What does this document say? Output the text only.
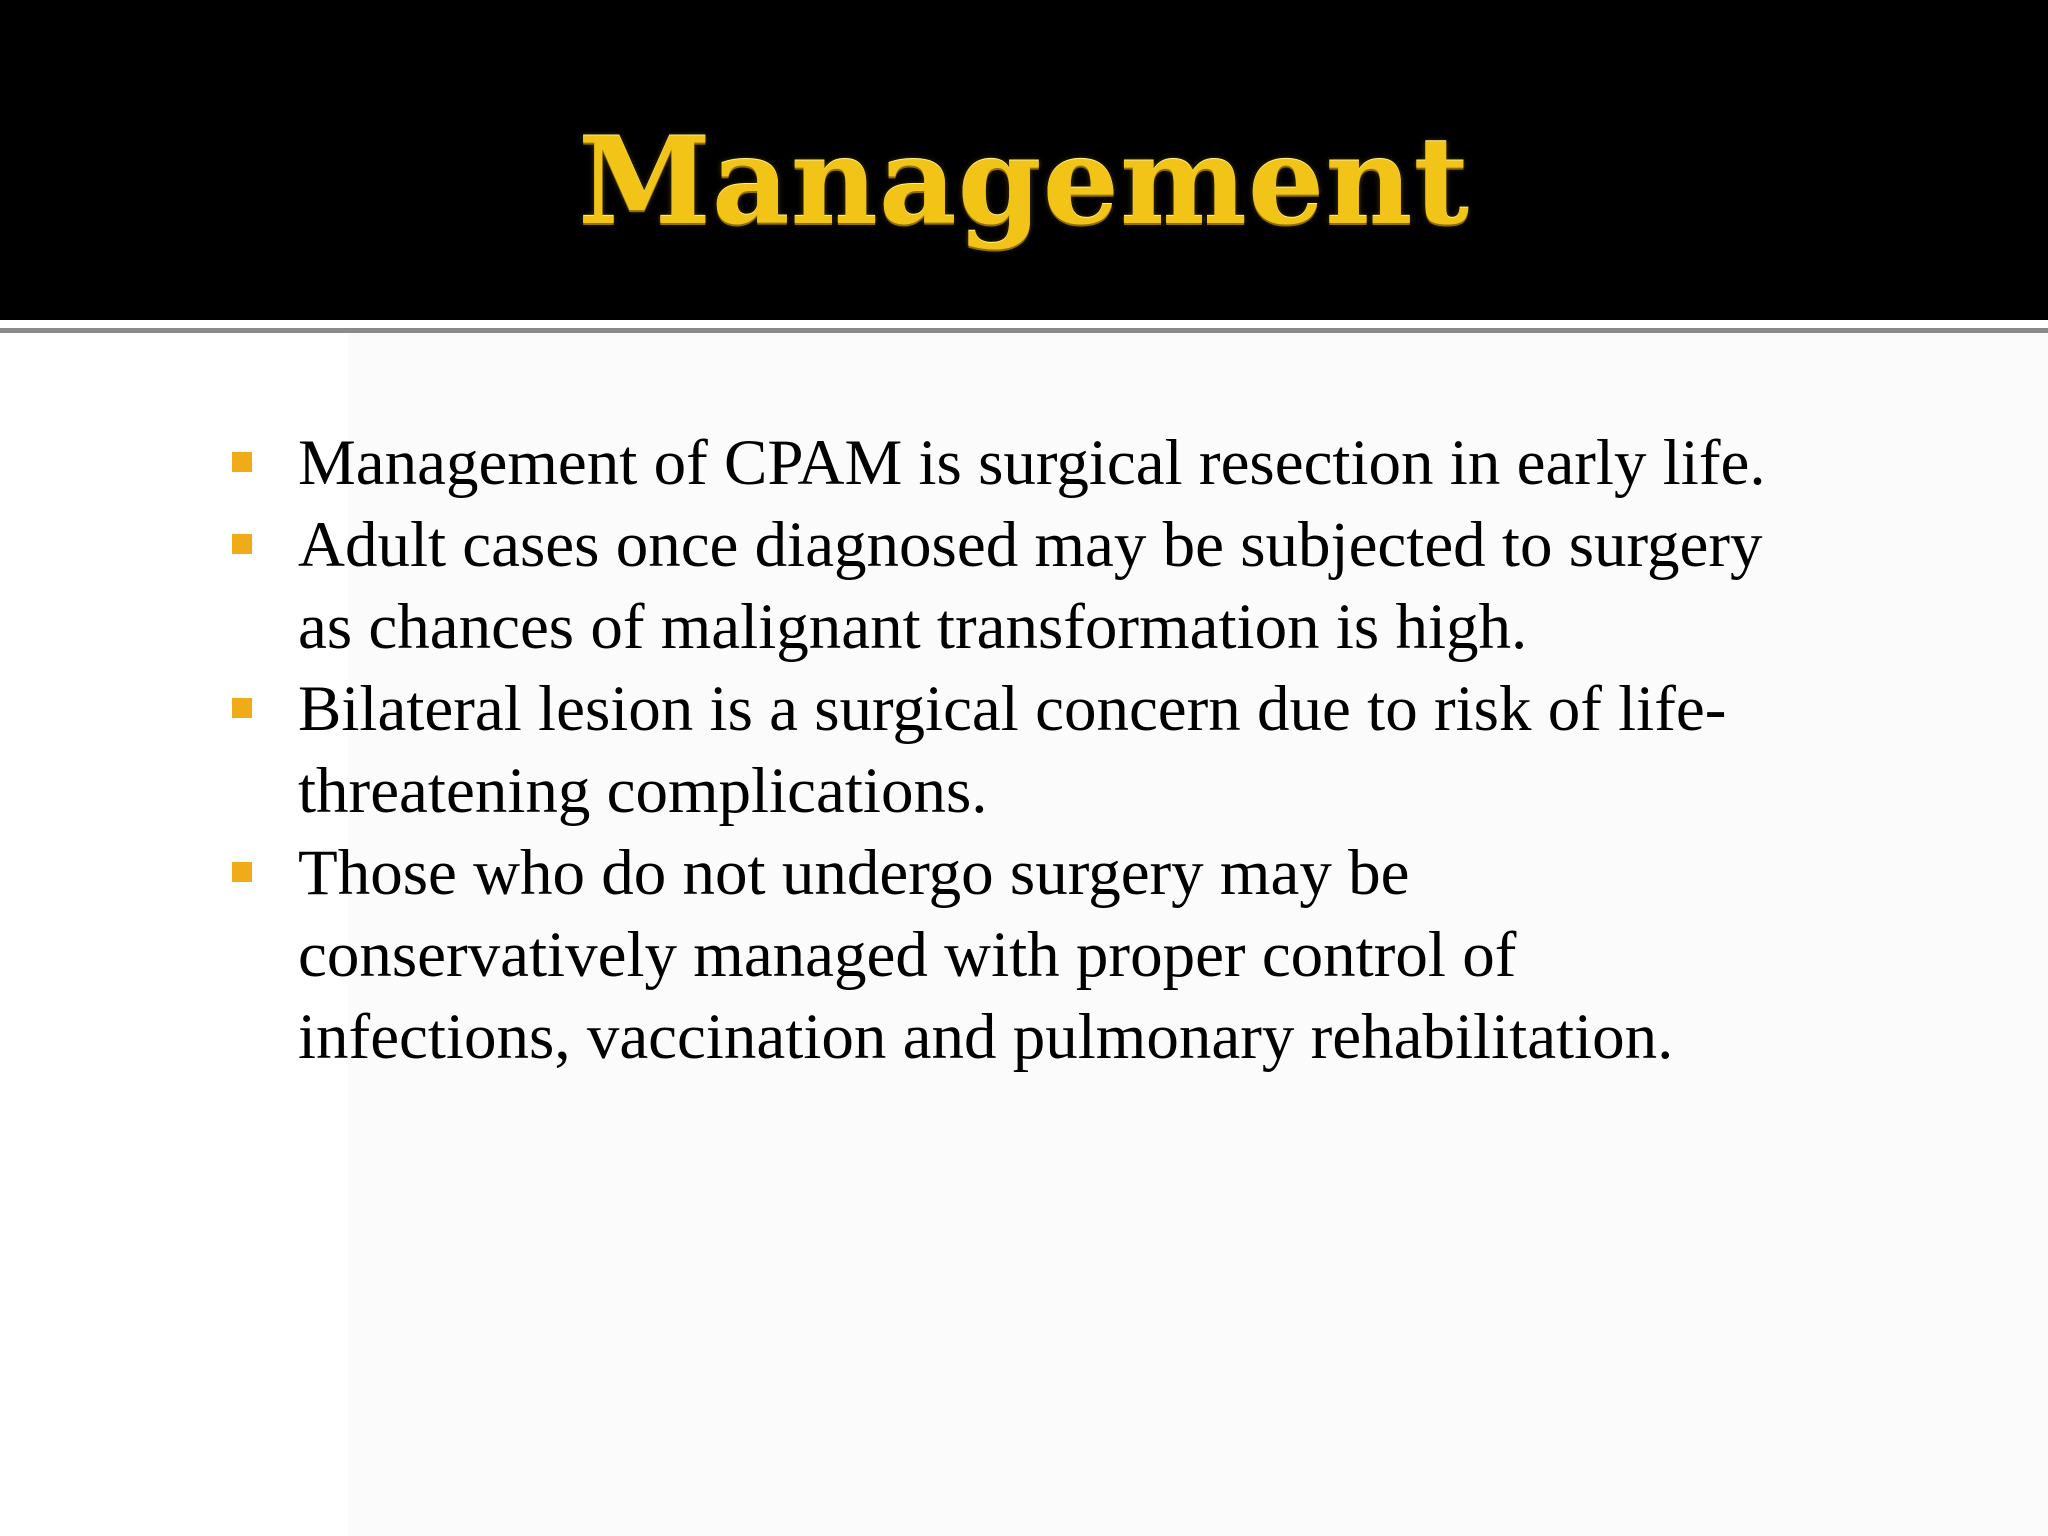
Management
Management of CPAM is surgical resection in early life.
Adult cases once diagnosed may be subjected to surgery as chances of malignant transformation is high.
Bilateral lesion is a surgical concern due to risk of life-threatening complications.
Those who do not undergo surgery may be conservatively managed with proper control of infections, vaccination and pulmonary rehabilitation.
